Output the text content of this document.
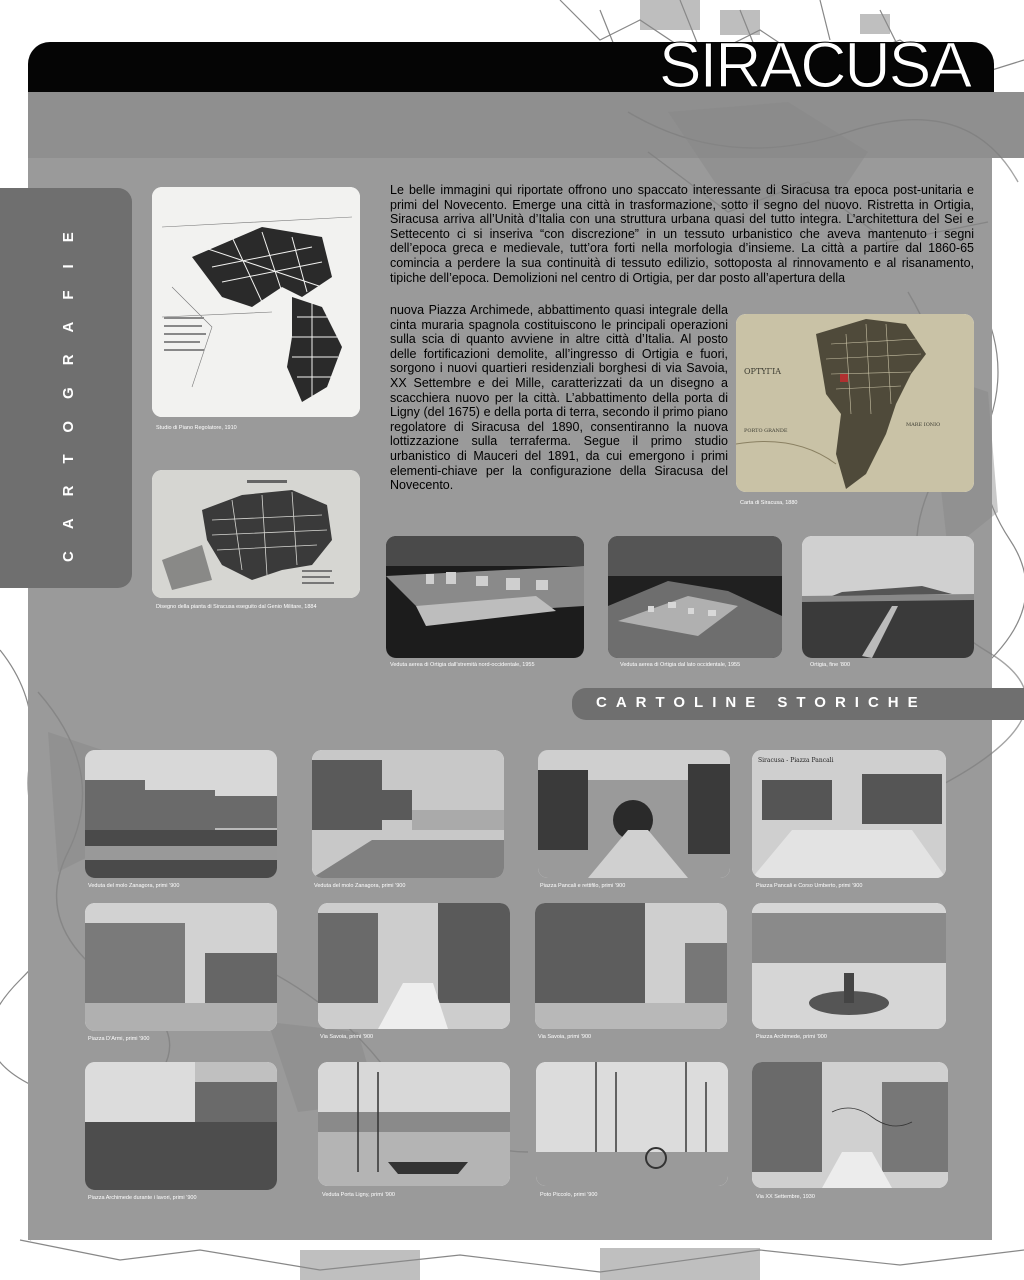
SIRACUSA
CARTOGRAFIE	Studio di Piano Regolatore, 1910
Disegno della pianta di Siracusa eseguito dal Genio Militare, 1884
Le belle immagini qui riportate offrono uno spaccato interessante di Siracusa tra epoca post-unitaria e primi del Novecento. Emerge una città in trasformazione, sotto il segno del nuovo. Ristretta in Ortigia, Siracusa arriva all’Unità d’Italia con una struttura urbana quasi del tutto integra. L’architettura del Sei e Settecento ci si inseriva “con discrezione” in un tessuto urbanistico che aveva mantenuto i segni dell’epoca greca e medievale, tutt’ora forti nella morfologia d’insieme. La città a partire dal 1860-65 comincia a perdere la sua continuità di tessuto edilizio, sottoposta al rinnovamento e al risanamento, tipiche dell’epoca. Demolizioni nel centro di Ortigia, per dar posto all’apertura della
nuova Piazza Archimede, abbattimento quasi integrale della cinta muraria spagnola costituiscono le principali operazioni sulla scia di quanto avviene in altre città d’Italia. Al posto delle fortificazioni demolite, all’ingresso di Ortigia e fuori, sorgono i nuovi quartieri residenziali borghesi di via Savoia, XX Settembre e dei Mille, caratterizzati da un disegno a scacchiera nuovo per la città. L’abbattimento della porta di Ligny (del 1675) e della porta di terra, secondo il primo piano regolatore di Siracusa del 1890, consentiranno la nuova lottizzazione sulla terraferma. Segue il primo studio urbanistico di Mauceri del 1891, da cui emergono i primi elementi-chiave per la configurazione della Siracusa del Novecento.
ΟΡΤΥΓΙΑ
PORTO GRANDE
MARE IONIO
Carta di Siracusa, 1880
Veduta aerea di Ortigia dall’stremità nord-occidentale, 1955	Veduta aerea di Ortigia dal lato occidentale, 1955	Ortigia, fine ’800
CARTOLINE STORICHE
Veduta del molo Zanagora, primi ’900	Veduta del molo Zanagora, primi ’900	Piazza Pancali e rettifilo, primi ’900
Siracusa - Piazza Pancali
Piazza Pancali e Corso Umberto, primi ’900
Piazza D’Armi, primi ’900	Via Savoia, primi ’900	Via Savoia, primi ’900	Piazza Archimede, primi ’900
Piazza Archimede durante i lavori, primi ’900	Veduta Porta Ligny, primi ’900	Poto Piccolo, primi ’900	Via XX Settembre, 1930
